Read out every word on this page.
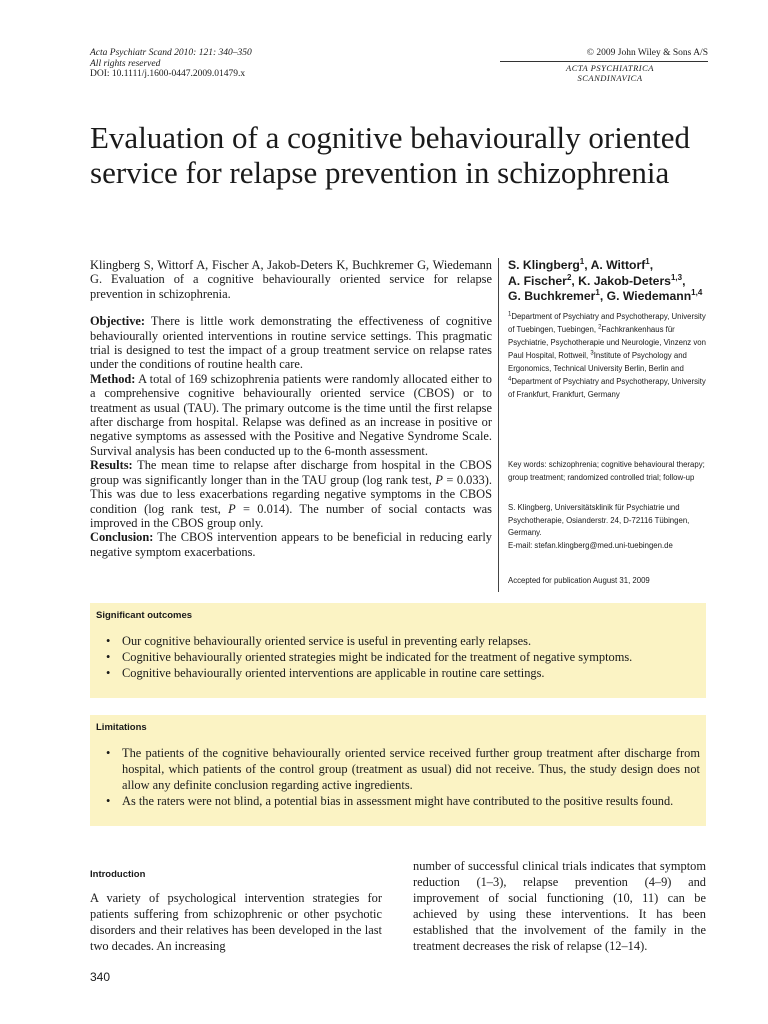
Acta Psychiatr Scand 2010: 121: 340–350
All rights reserved
DOI: 10.1111/j.1600-0447.2009.01479.x
© 2009 John Wiley & Sons A/S
ACTA PSYCHIATRICA
SCANDINAVICA
Evaluation of a cognitive behaviourally oriented service for relapse prevention in schizophrenia

Klingberg S, Wittorf A, Fischer A, Jakob-Deters K, Buchkremer G, Wiedemann G. Evaluation of a cognitive behaviourally oriented service for relapse prevention in schizophrenia.

Objective: There is little work demonstrating the effectiveness of cognitive behaviourally oriented interventions in routine service settings. This pragmatic trial is designed to test the impact of a group treatment service on relapse rates under the conditions of routine health care.

Method: A total of 169 schizophrenia patients were randomly allocated either to a comprehensive cognitive behaviourally oriented service (CBOS) or to treatment as usual (TAU). The primary outcome is the time until the first relapse after discharge from hospital. Relapse was defined as an increase in positive or negative symptoms as assessed with the Positive and Negative Syndrome Scale. Survival analysis has been conducted up to the 6-month assessment.

Results: The mean time to relapse after discharge from hospital in the CBOS group was significantly longer than in the TAU group (log rank test, P = 0.033). This was due to less exacerbations regarding negative symptoms in the CBOS condition (log rank test, P = 0.014). The number of social contacts was improved in the CBOS group only.

Conclusion: The CBOS intervention appears to be beneficial in reducing early negative symptom exacerbations.

S. Klingberg$^1$, A. Wittorf$^1$,
A. Fischer$^2$, K. Jakob-Deters$^{1,3}$,
G. Buchkremer$^1$, G. Wiedemann$^{1,4}$
$^1$Department of Psychiatry and Psychotherapy, University of Tuebingen, Tuebingen, $^2$Fachkrankenhaus für Psychiatrie, Psychotherapie und Neurologie, Vinzenz von Paul Hospital, Rottweil, $^3$Institute of Psychology and Ergonomics, Technical University Berlin, Berlin and $^4$Department of Psychiatry and Psychotherapy, University of Frankfurt, Frankfurt, Germany
Key words: schizophrenia; cognitive behavioural therapy; group treatment; randomized controlled trial; follow-up
S. Klingberg, Universitätsklinik für Psychiatrie und Psychotherapie, Osianderstr. 24, D-72116 Tübingen, Germany.
E-mail: stefan.klingberg@med.uni-tuebingen.de
Accepted for publication August 31, 2009
Significant outcomes
• Our cognitive behaviourally oriented service is useful in preventing early relapses.
• Cognitive behaviourally oriented strategies might be indicated for the treatment of negative symptoms.
• Cognitive behaviourally oriented interventions are applicable in routine care settings.
Limitations
• The patients of the cognitive behaviourally oriented service received further group treatment after discharge from hospital, which patients of the control group (treatment as usual) did not receive. Thus, the study design does not allow any definite conclusion regarding active ingredients.
• As the raters were not blind, a potential bias in assessment might have contributed to the positive results found.
Introduction
A variety of psychological intervention strategies for patients suffering from schizophrenic or other psychotic disorders and their relatives has been developed in the last two decades. An increasing
number of successful clinical trials indicates that symptom reduction (1–3), relapse prevention (4–9) and improvement of social functioning (10, 11) can be achieved by using these interventions. It has been established that the involvement of the family in the treatment decreases the risk of relapse (12–14).
340
